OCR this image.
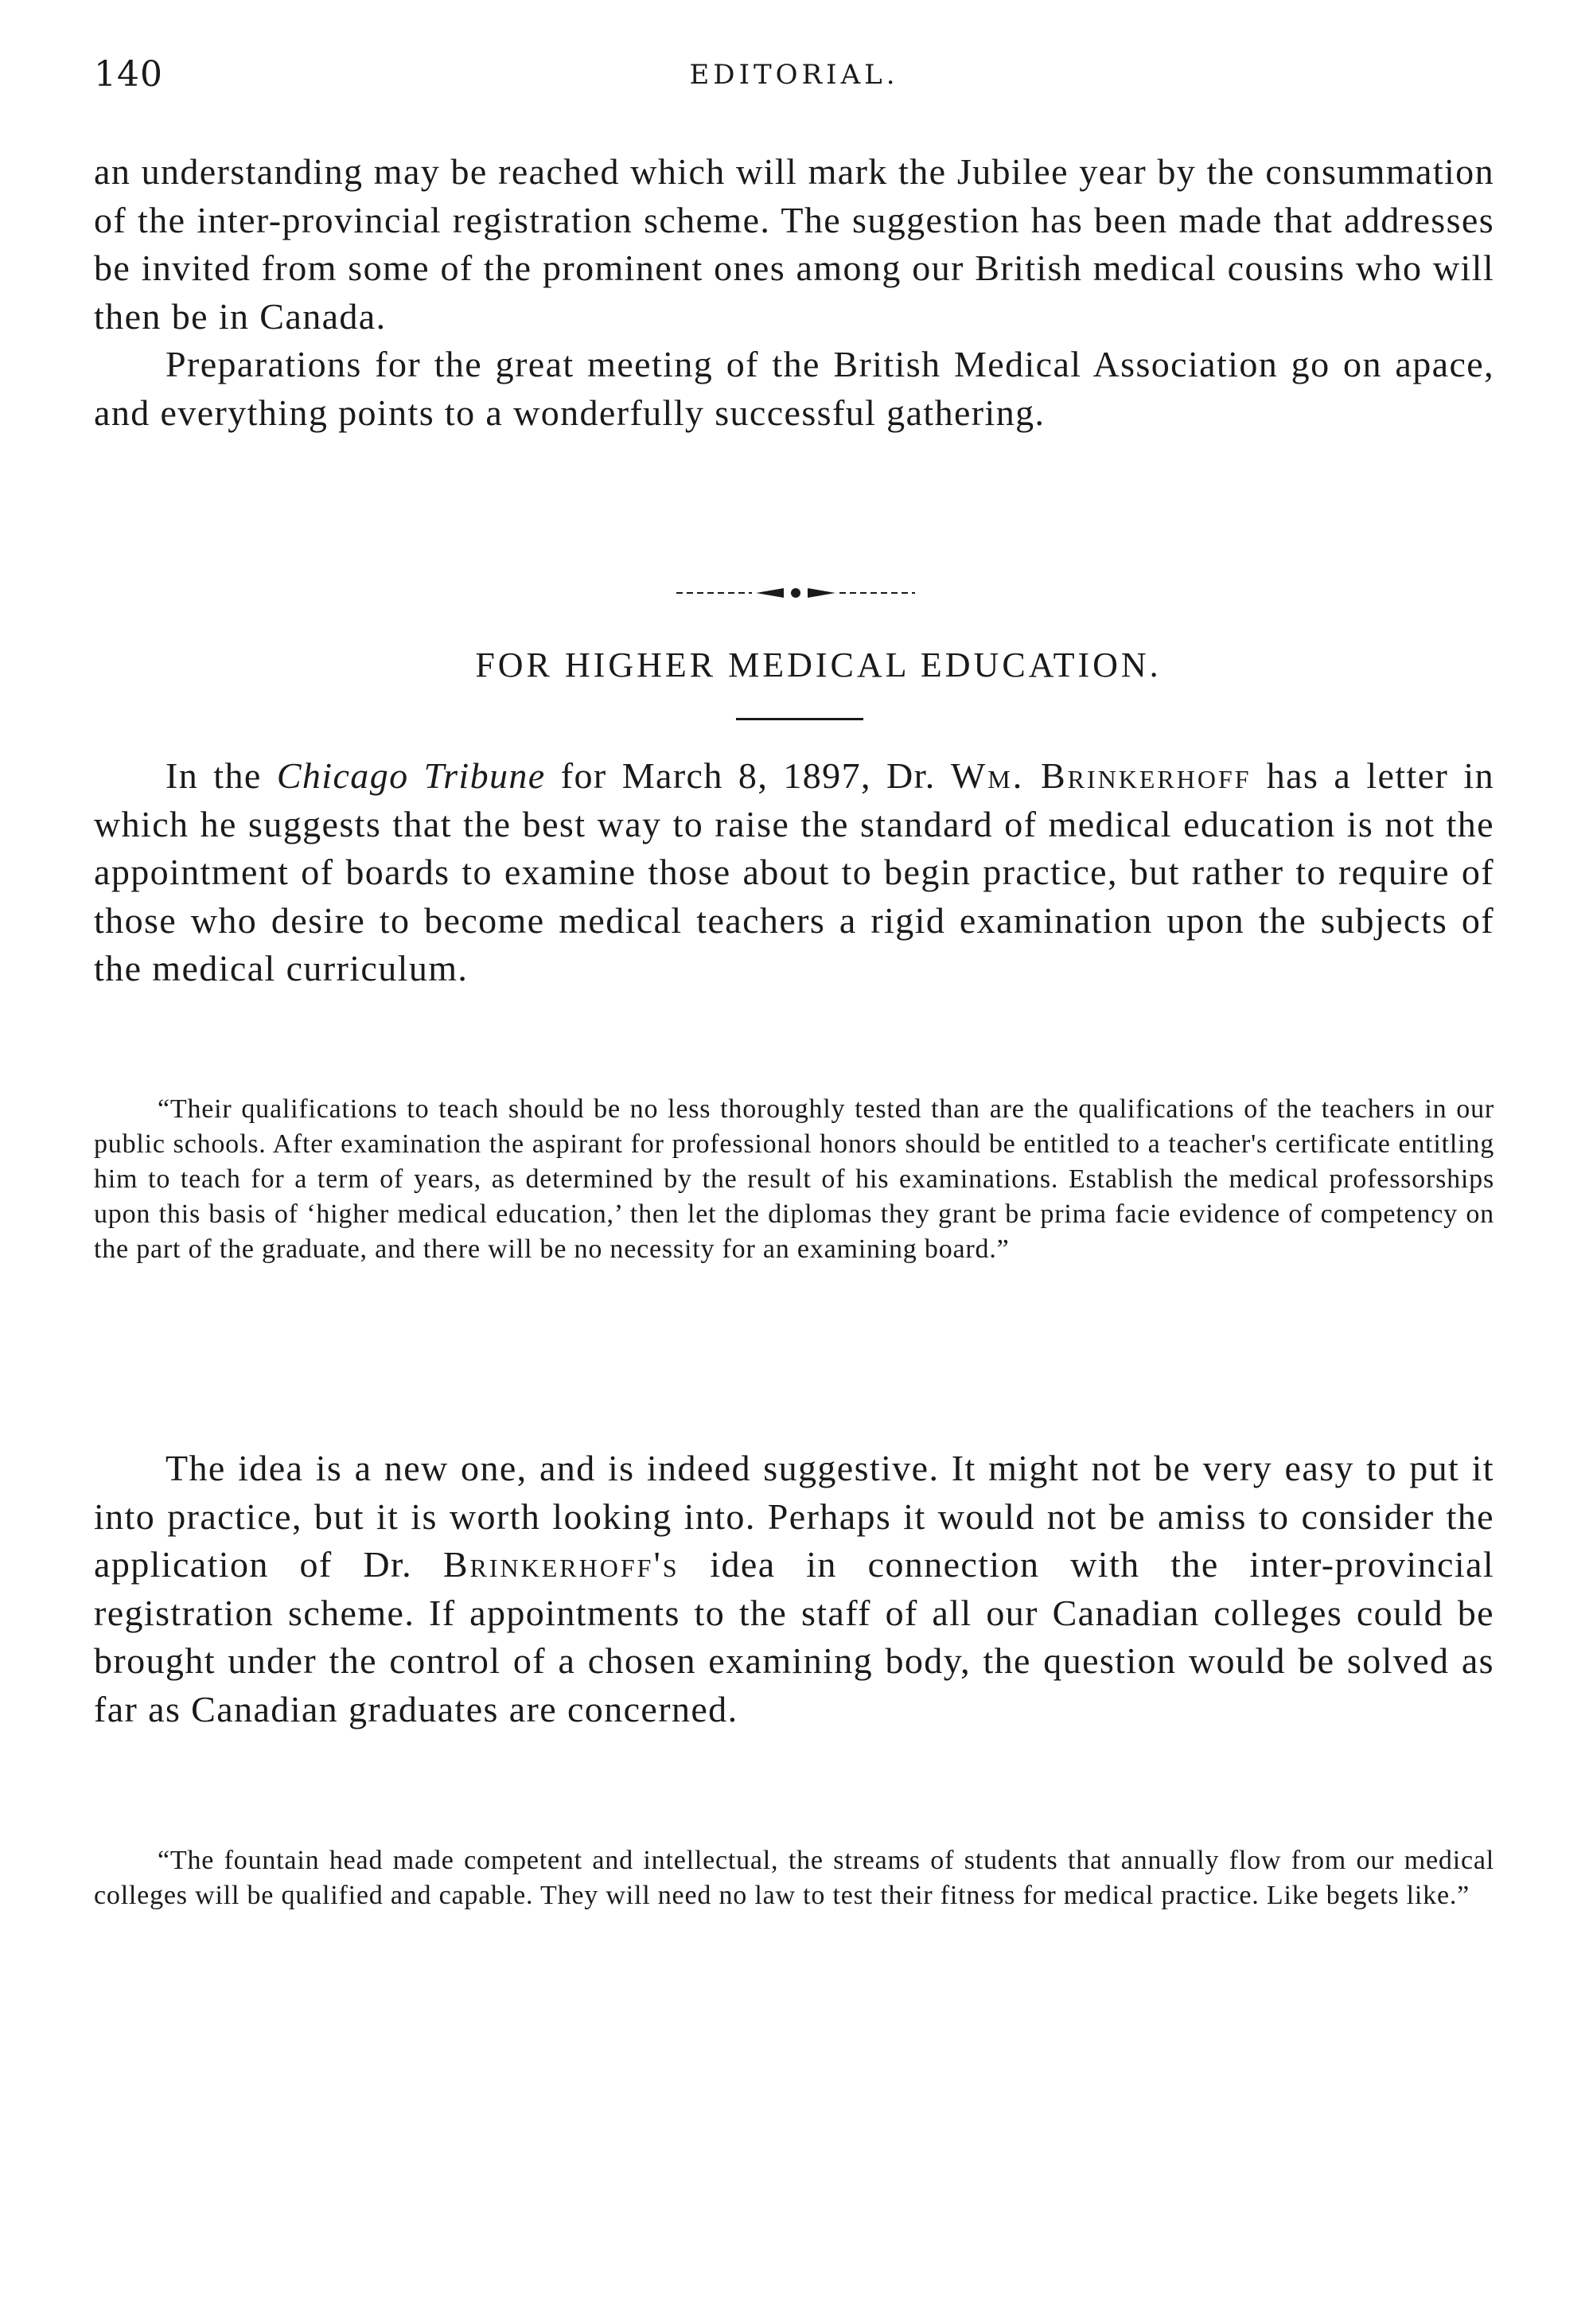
140	EDITORIAL.

an understanding may be reached which will mark the Jubilee year by the consummation of the inter-provincial registration scheme. The suggestion has been made that addresses be invited from some of the prominent ones among our British medical cousins who will then be in Canada.

Preparations for the great meeting of the British Medical Association go on apace, and everything points to a wonderfully successful gathering.

FOR HIGHER MEDICAL EDUCATION.

In the Chicago Tribune for March 8, 1897, Dr. Wm. Brinkerhoff has a letter in which he suggests that the best way to raise the standard of medical education is not the appointment of boards to examine those about to begin practice, but rather to require of those who desire to become medical teachers a rigid examination upon the subjects of the medical curriculum.

“Their qualifications to teach should be no less thoroughly tested than are the qualifications of the teachers in our public schools. After examination the aspirant for professional honors should be entitled to a teacher's certificate entitling him to teach for a term of years, as determined by the result of his examinations. Establish the medical professorships upon this basis of ‘higher medical education,’ then let the diplomas they grant be prima facie evidence of competency on the part of the graduate, and there will be no necessity for an examining board.”

The idea is a new one, and is indeed suggestive. It might not be very easy to put it into practice, but it is worth looking into. Perhaps it would not be amiss to consider the application of Dr. Brinkerhoff's idea in connection with the inter-provincial registration scheme. If appointments to the staff of all our Canadian colleges could be brought under the control of a chosen examining body, the question would be solved as far as Canadian graduates are concerned.

“The fountain head made competent and intellectual, the streams of students that annually flow from our medical colleges will be qualified and capable. They will need no law to test their fitness for medical practice. Like begets like.”
